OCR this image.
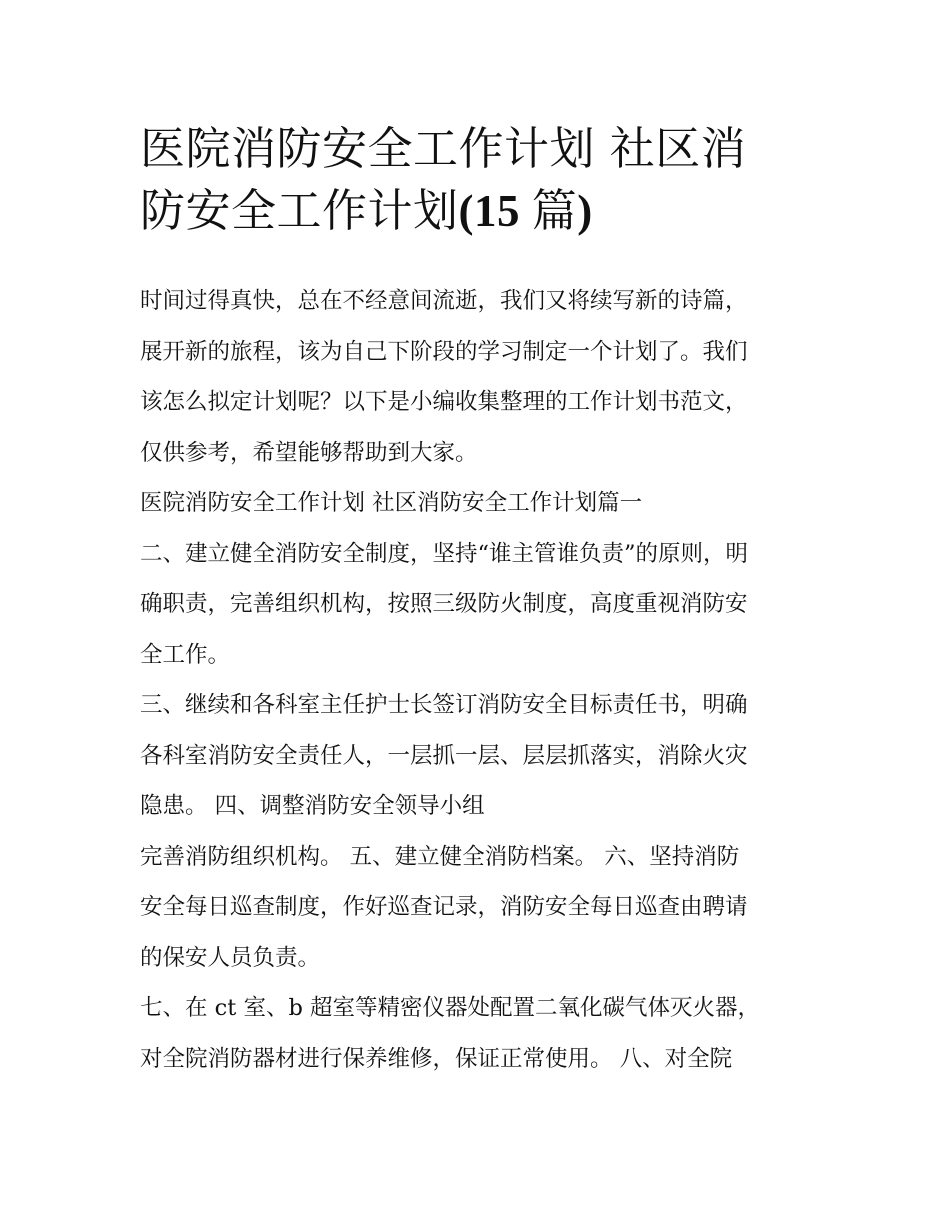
医院消防安全工作计划 社区消
防安全工作计划(15 篇)
时间过得真快，总在不经意间流逝，我们又将续写新的诗篇，
展开新的旅程，该为自己下阶段的学习制定一个计划了。我们
该怎么拟定计划呢？以下是小编收集整理的工作计划书范文，
仅供参考，希望能够帮助到大家。
医院消防安全工作计划 社区消防安全工作计划篇一
二、建立健全消防安全制度，坚持“谁主管谁负责”的原则，明
确职责，完善组织机构，按照三级防火制度，高度重视消防安
全工作。
三、继续和各科室主任护士长签订消防安全目标责任书，明确
各科室消防安全责任人，一层抓一层、层层抓落实，消除火灾
隐患。 四、调整消防安全领导小组
完善消防组织机构。 五、建立健全消防档案。 六、坚持消防
安全每日巡查制度，作好巡查记录，消防安全每日巡查由聘请
的保安人员负责。
七、在 ct 室、b 超室等精密仪器处配置二氧化碳气体灭火器，
对全院消防器材进行保养维修，保证正常使用。 八、对全院
